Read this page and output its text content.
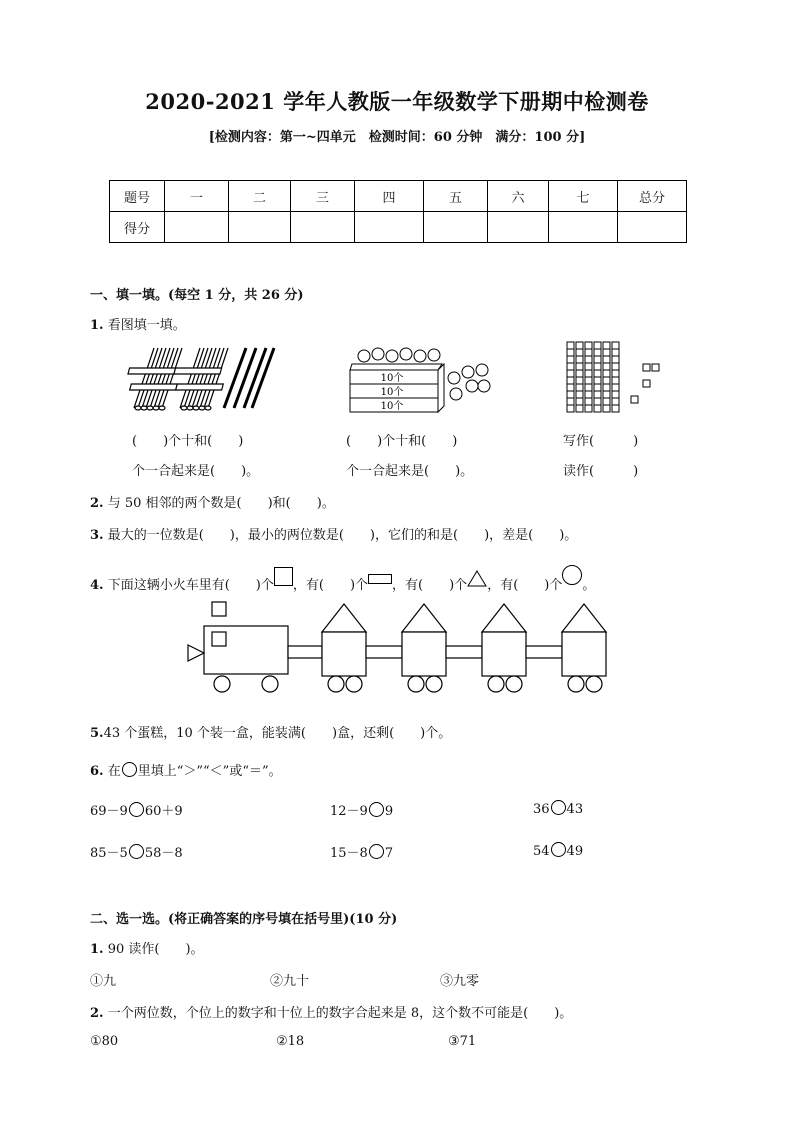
2020-2021 学年人教版一年级数学下册期中检测卷
[检测内容：第一~四单元　检测时间：60 分钟　满分：100 分]
题号	一	二	三	四	五	六	七	总分
得分								
一、填一填。(每空 1 分，共 26 分)
1. 看图填一填。
10个
10个
10个
(　　)个十和(　　)
个一合起来是(　　)。
(　　)个十和(　　)
个一合起来是(　　)。
写作(　　　)
读作(　　　)
2. 与 50 相邻的两个数是(　　)和(　　)。
3. 最大的一位数是(　　)，最小的两位数是(　　)，它们的和是(　　)，差是(　　)。
4. 下面这辆小火车里有(　　)个 ，有(　　)个 ，有(　　)个 ，有(　　)个 。
5.43 个蛋糕，10 个装一盒，能装满(　　)盒，还剩(　　)个。
6. 在 里填上“＞”“＜”或“＝”。
69－9 60＋9	12－9 9	36 43
85－5 58－8	15－8 7	54 49
二、选一选。(将正确答案的序号填在括号里)(10 分)
1. 90 读作(　　)。
①九	②九十	③九零
2. 一个两位数，个位上的数字和十位上的数字合起来是 8，这个数不可能是(　　)。
①80	②18	③71
